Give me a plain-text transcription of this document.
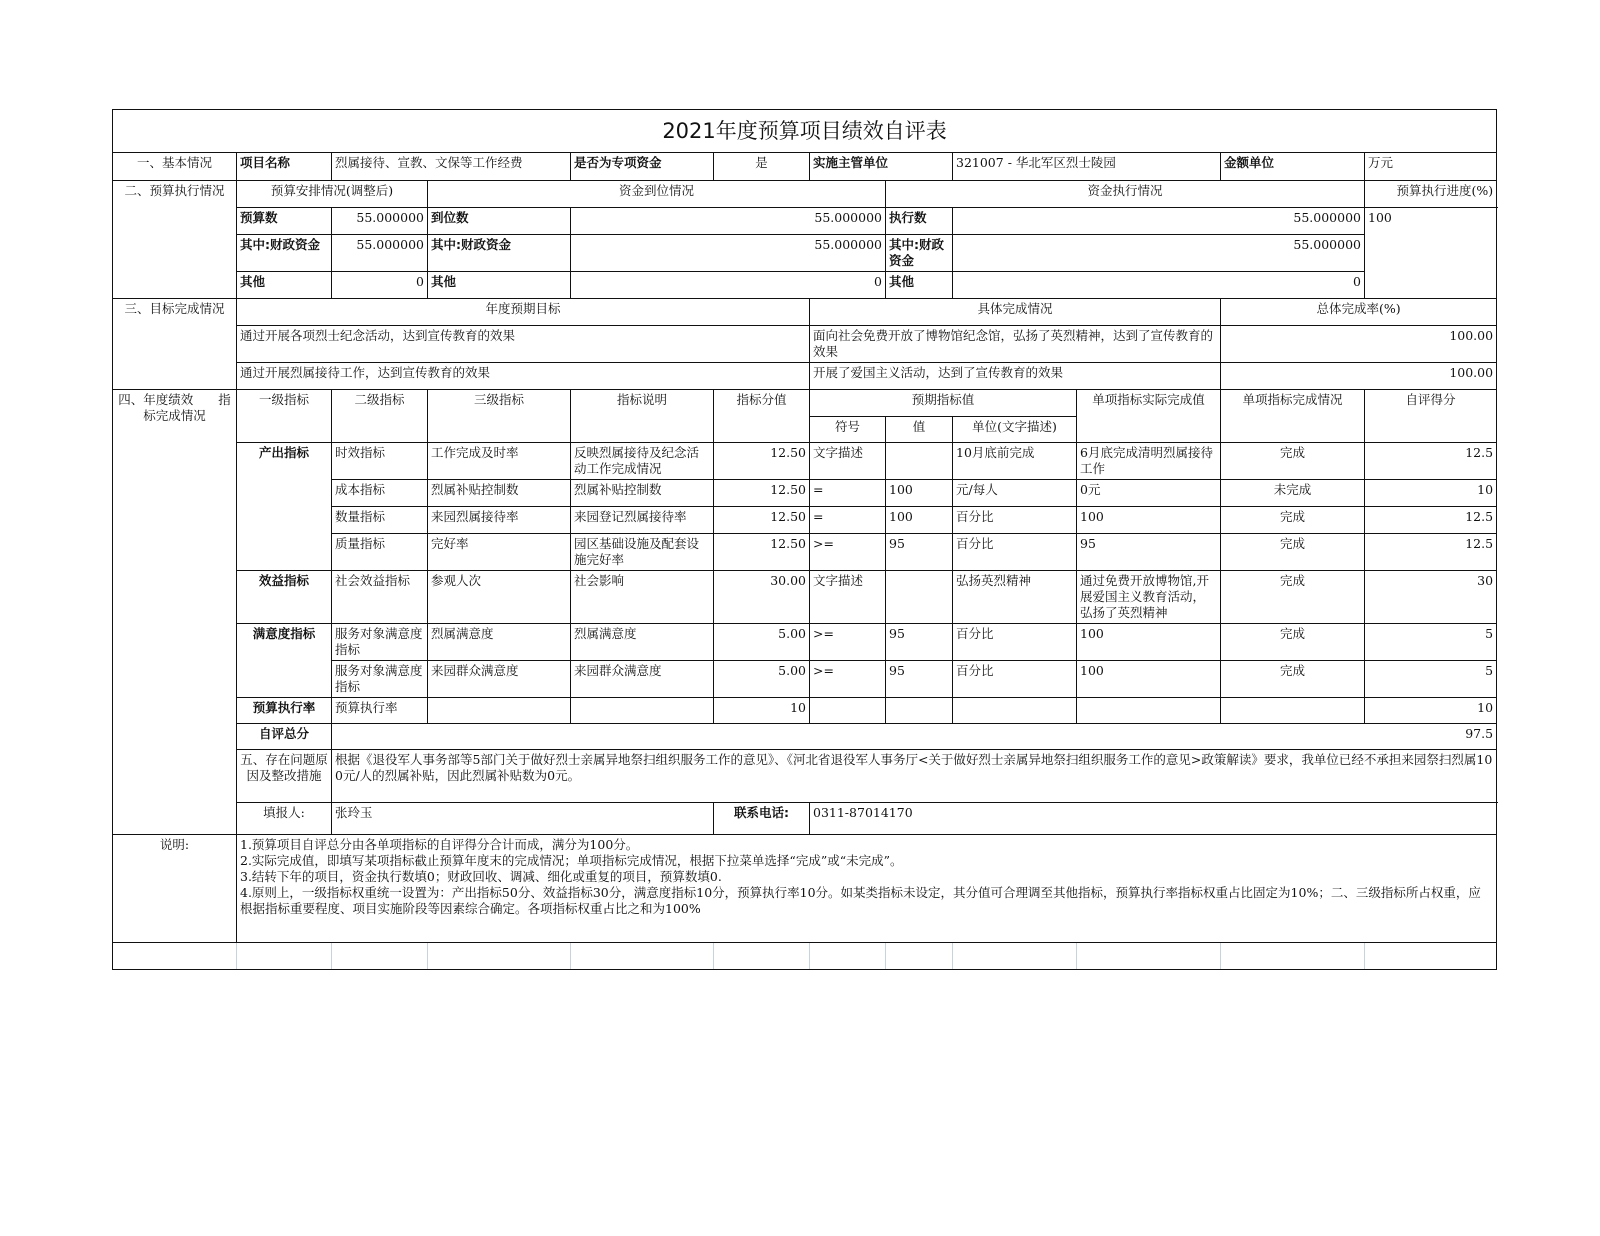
2021年度预算项目绩效自评表											
一、基本情况	项目名称	烈属接待、宣教、文保等工作经费		是否为专项资金	是	实施主管单位		321007 - 华北军区烈士陵园		金额单位	万元
二、预算执行情况	预算安排情况(调整后)		资金到位情况				资金执行情况				预算执行进度(%)
	预算数	55.000000	到位数	55.000000			执行数	55.000000			100
	其中:财政资金	55.000000	其中:财政资金	55.000000			其中:财政资金	55.000000			
	其他	0	其他	0			其他	0			
三、目标完成情况	年度预期目标					具体完成情况				总体完成率(%)	
	通过开展各项烈士纪念活动，达到宣传教育的效果					面向社会免费开放了博物馆纪念馆，弘扬了英烈精神，达到了宣传教育的效果				100.00	
	通过开展烈属接待工作，达到宣传教育的效果					开展了爱国主义活动，达到了宣传教育的效果				100.00	
四、年度绩效　　指标完成情况	一级指标	二级指标	三级指标	指标说明	指标分值	预期指标值			单项指标实际完成值	单项指标完成情况	自评得分
						符号	值	单位(文字描述)			
	产出指标	时效指标	工作完成及时率	反映烈属接待及纪念活动工作完成情况	12.50	文字描述		10月底前完成	6月底完成清明烈属接待工作	完成	12.5
		成本指标	烈属补贴控制数	烈属补贴控制数	12.50	=	100	元/每人	0元	未完成	10
		数量指标	来园烈属接待率	来园登记烈属接待率	12.50	=	100	百分比	100	完成	12.5
		质量指标	完好率	园区基础设施及配套设施完好率	12.50	>=	95	百分比	95	完成	12.5
	效益指标	社会效益指标	参观人次	社会影响	30.00	文字描述		弘扬英烈精神	通过免费开放博物馆,开展爱国主义教育活动，弘扬了英烈精神	完成	30
	满意度指标	服务对象满意度指标	烈属满意度	烈属满意度	5.00	>=	95	百分比	100	完成	5
		服务对象满意度指标	来园群众满意度	来园群众满意度	5.00	>=	95	百分比	100	完成	5
	预算执行率	预算执行率			10						10
	自评总分	97.5									
	五、存在问题原因及整改措施	根据《退役军人事务部等5部门关于做好烈士亲属异地祭扫组织服务工作的意见》、《河北省退役军人事务厅<关于做好烈士亲属异地祭扫组织服务工作的意见>政策解读》要求，我单位已经不承担来园祭扫烈属100元/人的烈属补贴，因此烈属补贴数为0元。									
	填报人:	张玲玉			联系电话:	0311-87014170					
说明:	1.预算项目自评总分由各单项指标的自评得分合计而成，满分为100分。
2.实际完成值，即填写某项指标截止预算年度末的完成情况；单项指标完成情况，根据下拉菜单选择“完成”或“未完成”。
3.结转下年的项目，资金执行数填0；财政回收、调减、细化或重复的项目，预算数填0.
4.原则上，一级指标权重统一设置为：产出指标50分、效益指标30分，满意度指标10分，预算执行率10分。如某类指标未设定，其分值可合理调至其他指标，预算执行率指标权重占比固定为10%；二、三级指标所占权重，应根据指标重要程度、项目实施阶段等因素综合确定。各项指标权重占比之和为100%										
